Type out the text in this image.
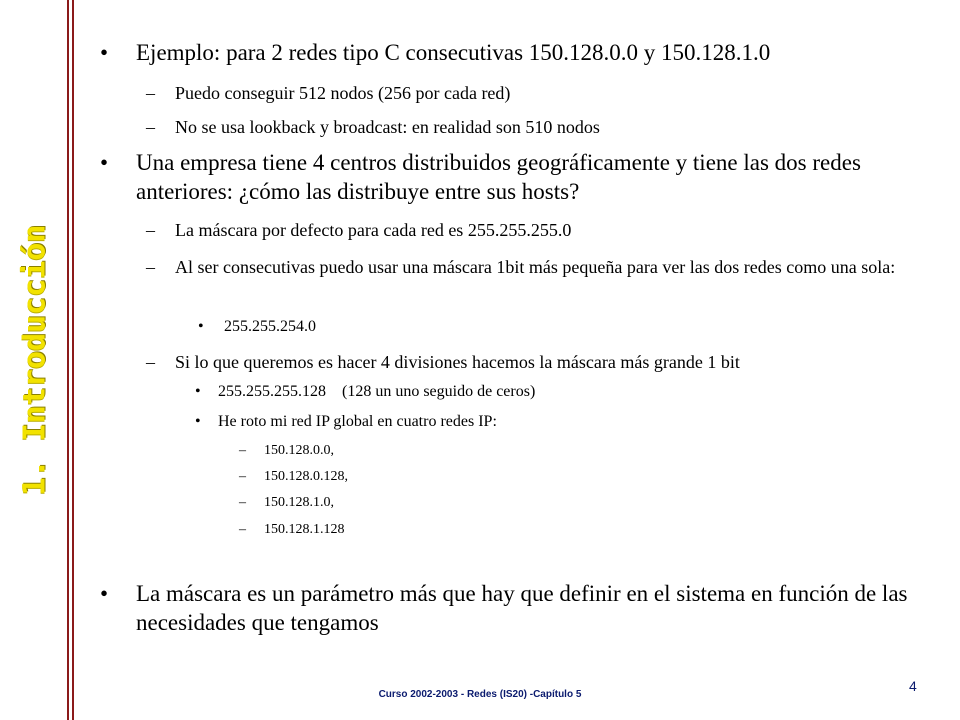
1. Introducción
• Ejemplo: para 2 redes tipo C consecutivas 150.128.0.0 y 150.128.1.0
– Puedo conseguir 512 nodos (256 por cada red)
– No se usa lookback y broadcast: en realidad son 510 nodos
• Una empresa tiene 4 centros distribuidos geográficamente y tiene las dos redes anteriores: ¿cómo las distribuye entre sus hosts?
– La máscara por defecto para cada red es 255.255.255.0
– Al ser consecutivas puedo usar una máscara 1bit más pequeña para ver las dos redes como una sola:
• 255.255.254.0
– Si lo que queremos es hacer 4 divisiones hacemos la máscara más grande 1 bit
• 255.255.255.128    (128 un uno seguido de ceros)
• He roto mi red IP global en cuatro redes IP:
– 150.128.0.0,
– 150.128.0.128,
– 150.128.1.0,
– 150.128.1.128
• La máscara es un parámetro más que hay que definir en el sistema en función de las necesidades que tengamos
Curso 2002-2003 - Redes (IS20) -Capítulo 5
4
